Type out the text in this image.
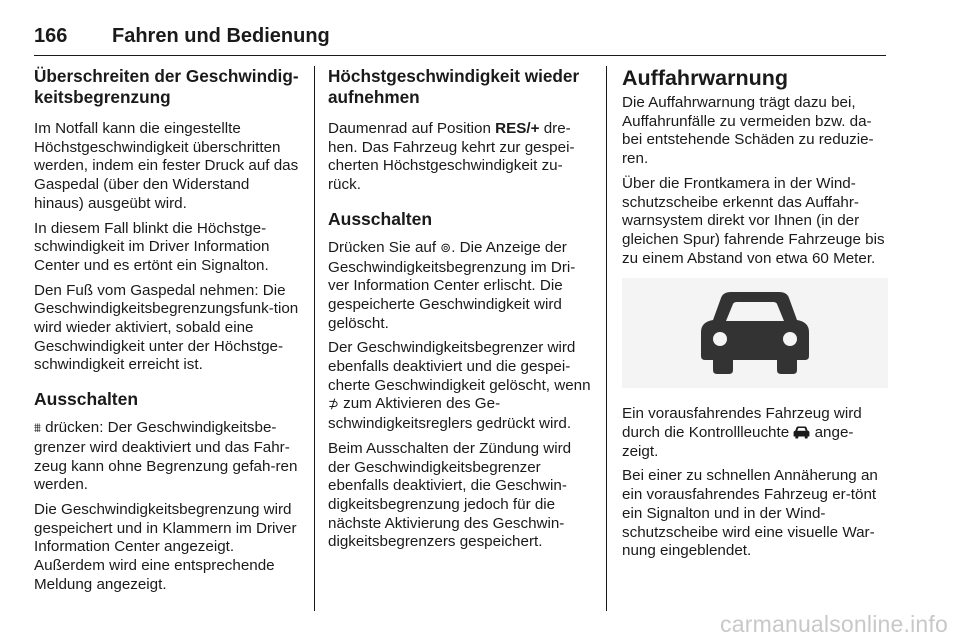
166 Fahren und Bedienung
Überschreiten der Geschwindig-keitsbegrenzung

Im Notfall kann die eingestellte Höchstgeschwindigkeit überschritten werden, indem ein fester Druck auf das Gaspedal (über den Widerstand hinaus) ausgeübt wird.

In diesem Fall blinkt die Höchstge-schwindigkeit im Driver Information Center und es ertönt ein Signalton.

Den Fuß vom Gaspedal nehmen: Die Geschwindigkeitsbegrenzungsfunk-tion wird wieder aktiviert, sobald eine Geschwindigkeit unter der Höchstge-schwindigkeit erreicht ist.

Ausschalten

⩩ drücken: Der Geschwindigkeitsbe-grenzer wird deaktiviert und das Fahr-zeug kann ohne Begrenzung gefah-ren werden.

Die Geschwindigkeitsbegrenzung wird gespeichert und in Klammern im Driver Information Center angezeigt. Außerdem wird eine entsprechende Meldung angezeigt.

Höchstgeschwindigkeit wieder aufnehmen

Daumenrad auf Position RES/+ dre-hen. Das Fahrzeug kehrt zur gespei-cherten Höchstgeschwindigkeit zu-rück.

Ausschalten

Drücken Sie auf ⊚. Die Anzeige der Geschwindigkeitsbegrenzung im Dri-ver Information Center erlischt. Die gespeicherte Geschwindigkeit wird gelöscht.

Der Geschwindigkeitsbegrenzer wird ebenfalls deaktiviert und die gespei-cherte Geschwindigkeit gelöscht, wenn ⊅ zum Aktivieren des Ge-schwindigkeitsreglers gedrückt wird.

Beim Ausschalten der Zündung wird der Geschwindigkeitsbegrenzer ebenfalls deaktiviert, die Geschwin-digkeitsbegrenzung jedoch für die nächste Aktivierung des Geschwin-digkeitsbegrenzers gespeichert.

Auffahrwarnung

Die Auffahrwarnung trägt dazu bei, Auffahrunfälle zu vermeiden bzw. da-bei entstehende Schäden zu reduzie-ren.

Über die Frontkamera in der Wind-schutzscheibe erkennt das Auffahr-warnsystem direkt vor Ihnen (in der gleichen Spur) fahrende Fahrzeuge bis zu einem Abstand von etwa 60 Meter.

Ein vorausfahrendes Fahrzeug wird durch die Kontrollleuchte  ange-zeigt.

Bei einer zu schnellen Annäherung an ein vorausfahrendes Fahrzeug er-tönt ein Signalton und in der Wind-schutzscheibe wird eine visuelle War-nung eingeblendet.

carmanualsonline.info
